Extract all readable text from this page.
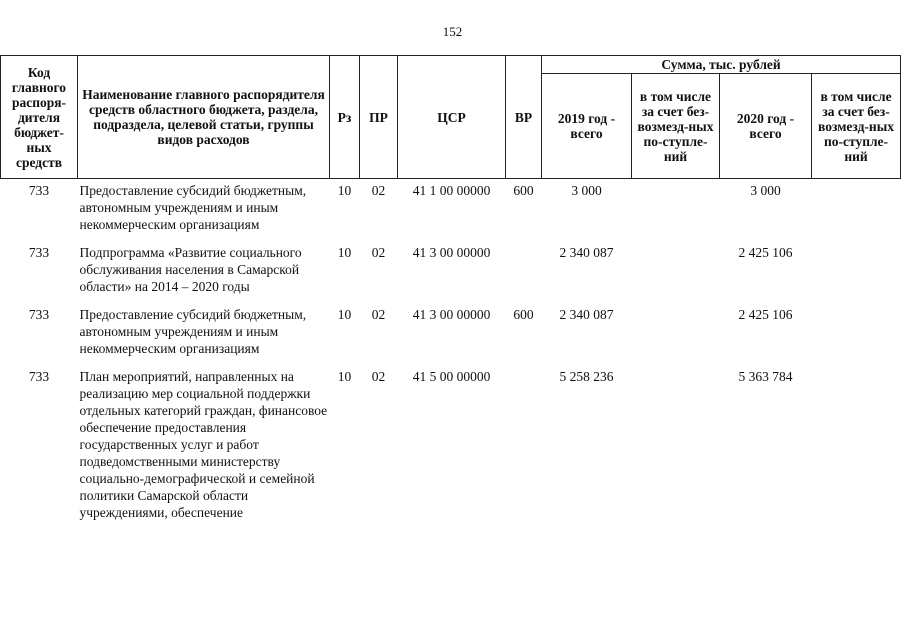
152
Код главного распоря-дителя бюджет-ных средств	Наименование главного распорядителя средств областного бюджета, раздела, подраздела, целевой статьи, группы видов расходов	Рз	ПР	ЦСР	ВР	Сумма, тыс. рублей			
						2019 год - всего	в том числе за счет без-возмезд-ных по-ступле-ний	2020 год - всего	в том числе за счет без-возмезд-ных по-ступле-ний
733	Предоставление субсидий бюджетным, автономным учреждениям и иным некоммерческим организациям	10	02	41 1 00 00000	600	3 000		3 000	
733	Подпрограмма «Развитие социального обслуживания населения в Самарской области» на 2014 – 2020 годы	10	02	41 3 00 00000		2 340 087		2 425 106	
733	Предоставление субсидий бюджетным, автономным учреждениям и иным некоммерческим организациям	10	02	41 3 00 00000	600	2 340 087		2 425 106	
733	План мероприятий, направленных на реализацию мер социальной поддержки отдельных категорий граждан, финансовое обеспечение предоставления государственных услуг и работ подведомственными министерству социально-демографической и семейной политики Самарской области учреждениями, обеспечение	10	02	41 5 00 00000		5 258 236		5 363 784	
